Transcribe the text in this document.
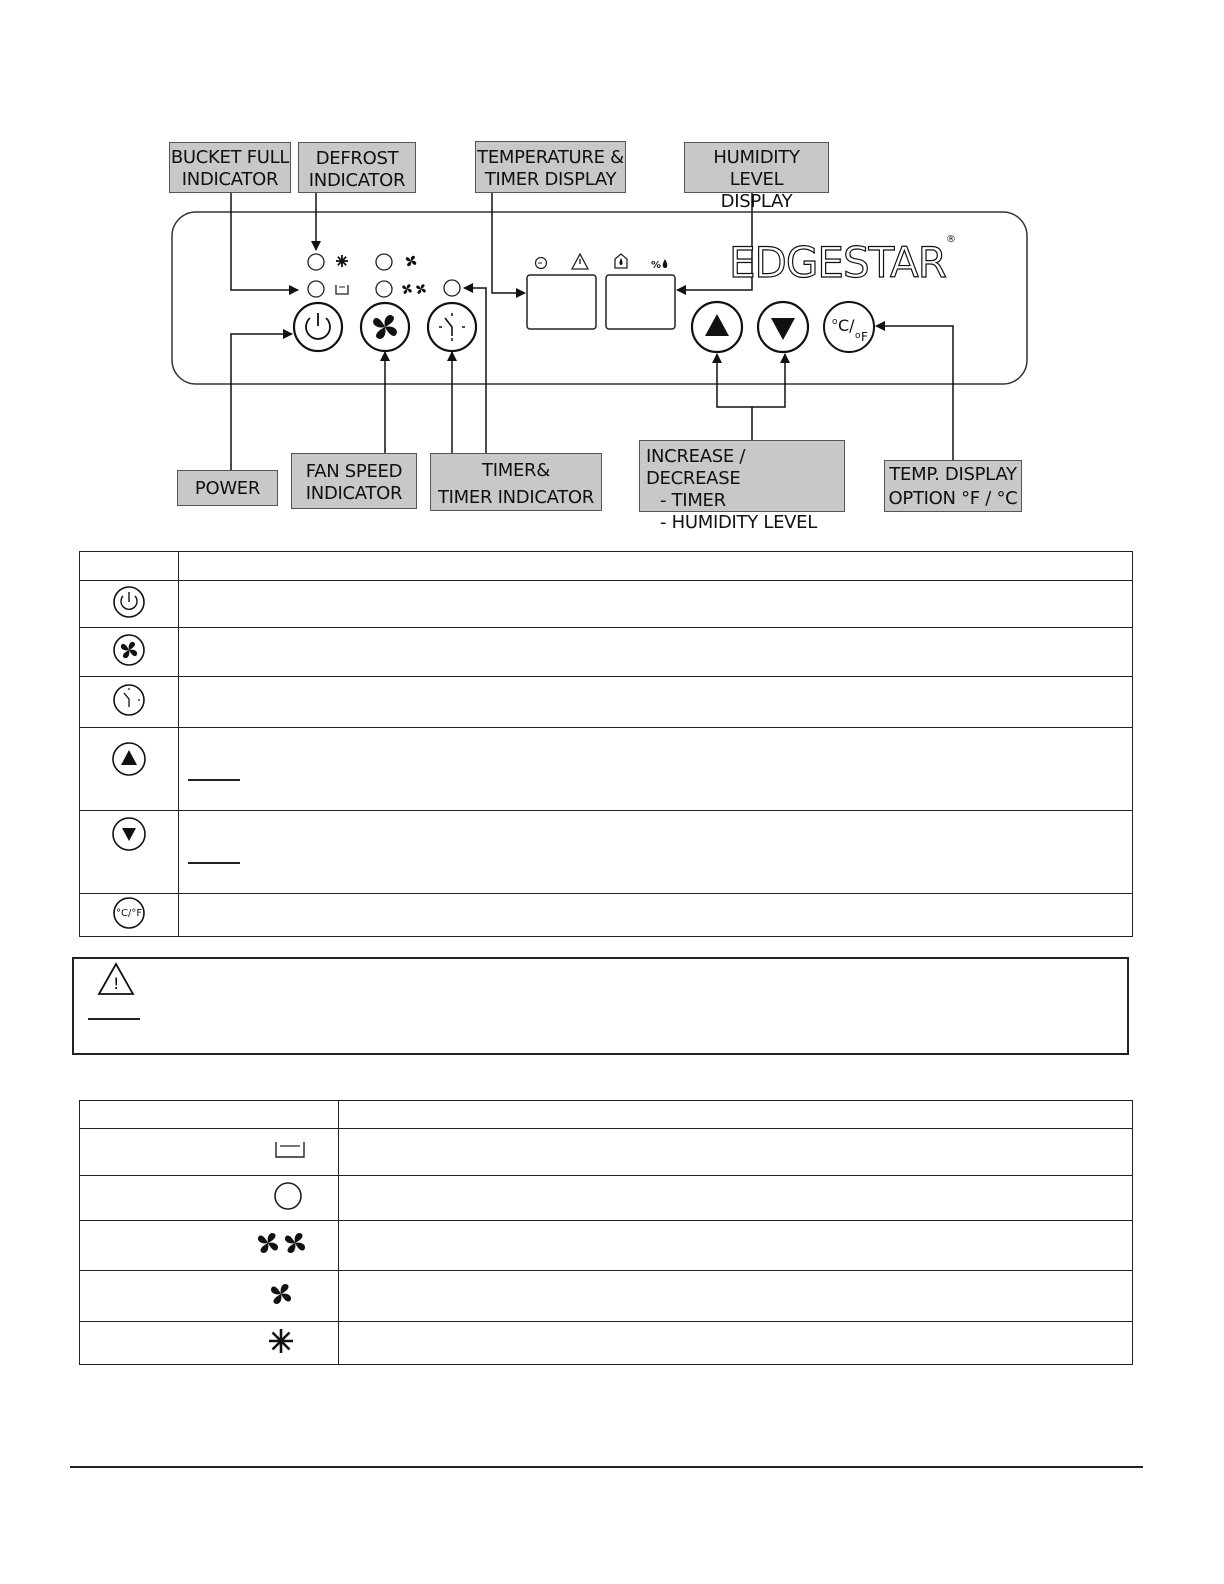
%
o C/
o F
EDGESTAR®
BUCKET FULL
INDICATOR
DEFROST
INDICATOR
TEMPERATURE &
TIMER DISPLAY
HUMIDITY LEVEL
DISPLAY
POWER
FAN SPEED
INDICATOR
TIMER&
TIMER INDICATOR
INCREASE / DECREASE
- TIMER
- HUMIDITY LEVEL
TEMP. DISPLAY
OPTION °F / °C

°C/°F	

!
